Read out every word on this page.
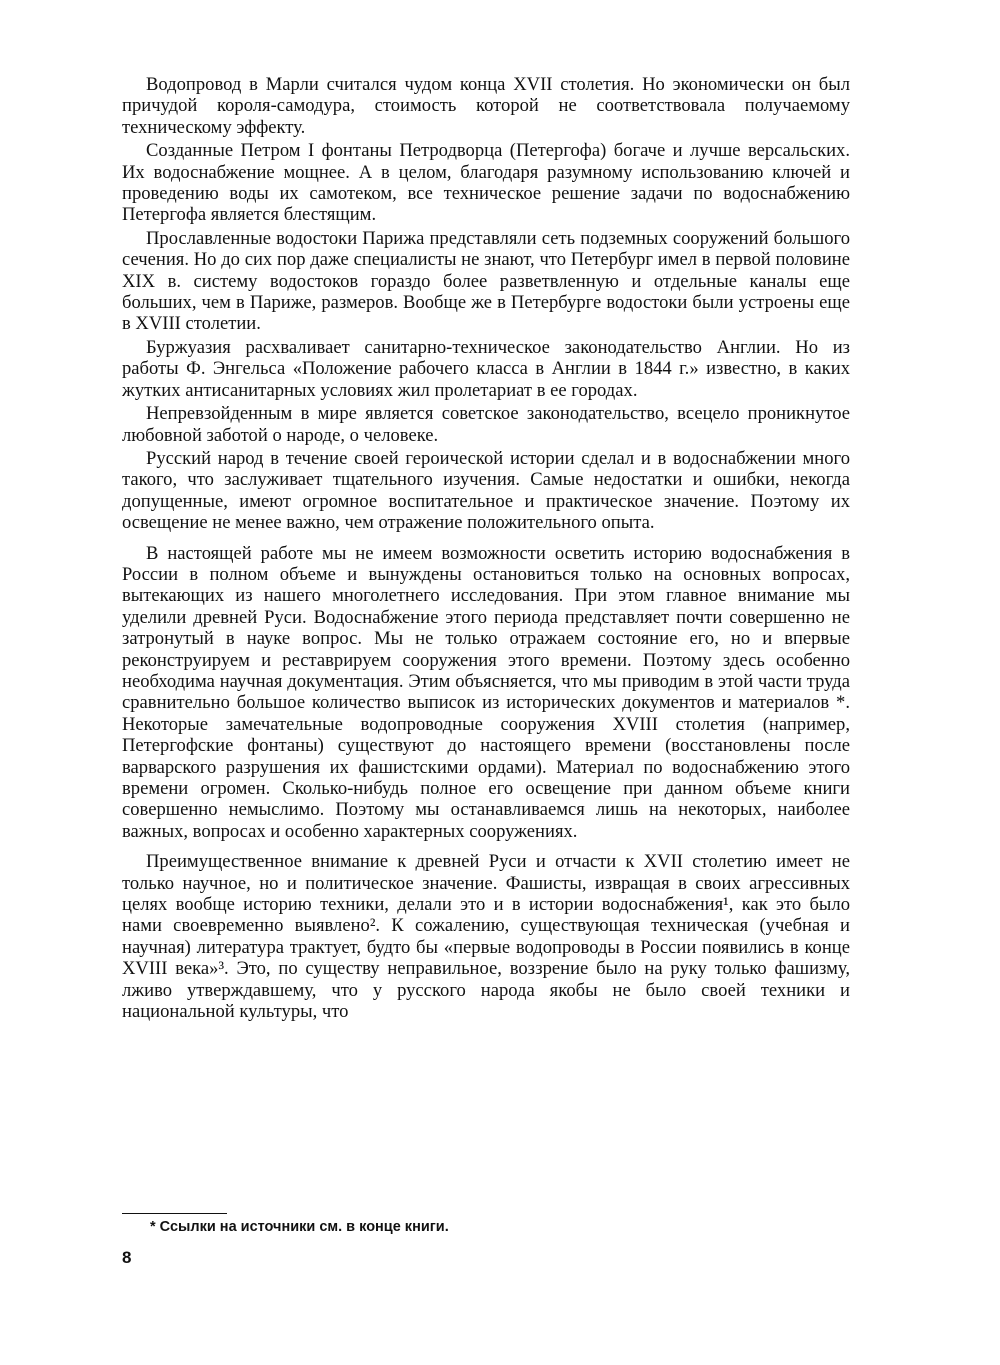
Водопровод в Марли считался чудом конца XVII столетия. Но экономически он был причудой короля-самодура, стоимость которой не соответствовала получаемому техническому эффекту.

Созданные Петром I фонтаны Петродворца (Петергофа) богаче и лучше версальских. Их водоснабжение мощнее. А в целом, благодаря разумному использованию ключей и проведению воды их самотеком, все техническое решение задачи по водоснабжению Петергофа является блестящим.

Прославленные водостоки Парижа представляли сеть подземных сооружений большого сечения. Но до сих пор даже специалисты не знают, что Петербург имел в первой половине XIX в. систему водостоков гораздо более разветвленную и отдельные каналы еще больших, чем в Париже, размеров. Вообще же в Петербурге водостоки были устроены еще в XVIII столетии.

Буржуазия расхваливает санитарно-техническое законодательство Англии. Но из работы Ф. Энгельса «Положение рабочего класса в Англии в 1844 г.» известно, в каких жутких антисанитарных условиях жил пролетариат в ее городах.

Непревзойденным в мире является советское законодательство, всецело проникнутое любовной заботой о народе, о человеке.

Русский народ в течение своей героической истории сделал и в водоснабжении много такого, что заслуживает тщательного изучения. Самые недостатки и ошибки, некогда допущенные, имеют огромное воспитательное и практическое значение. Поэтому их освещение не менее важно, чем отражение положительного опыта.

В настоящей работе мы не имеем возможности осветить историю водоснабжения в России в полном объеме и вынуждены остановиться только на основных вопросах, вытекающих из нашего многолетнего исследования. При этом главное внимание мы уделили древней Руси. Водоснабжение этого периода представляет почти совершенно не затронутый в науке вопрос. Мы не только отражаем состояние его, но и впервые реконструируем и реставрируем сооружения этого времени. Поэтому здесь особенно необходима научная документация. Этим объясняется, что мы приводим в этой части труда сравнительно большое количество выписок из исторических документов и материалов *. Некоторые замечательные водопроводные сооружения XVIII столетия (например, Петергофские фонтаны) существуют до настоящего времени (восстановлены после варварского разрушения их фашистскими ордами). Материал по водоснабжению этого времени огромен. Сколько-нибудь полное его освещение при данном объеме книги совершенно немыслимо. Поэтому мы останавливаемся лишь на некоторых, наиболее важных, вопросах и особенно характерных сооружениях.

Преимущественное внимание к древней Руси и отчасти к XVII столетию имеет не только научное, но и политическое значение. Фашисты, извращая в своих агрессивных целях вообще историю техники, делали это и в истории водоснабжения¹, как это было нами своевременно выявлено². К сожалению, существующая техническая (учебная и научная) литература трактует, будто бы «первые водопроводы в России появились в конце XVIII века»³. Это, по существу неправильное, воззрение было на руку только фашизму, лживо утверждавшему, что у русского народа якобы не было своей техники и национальной культуры, что

* Ссылки на источники см. в конце книги.
8
